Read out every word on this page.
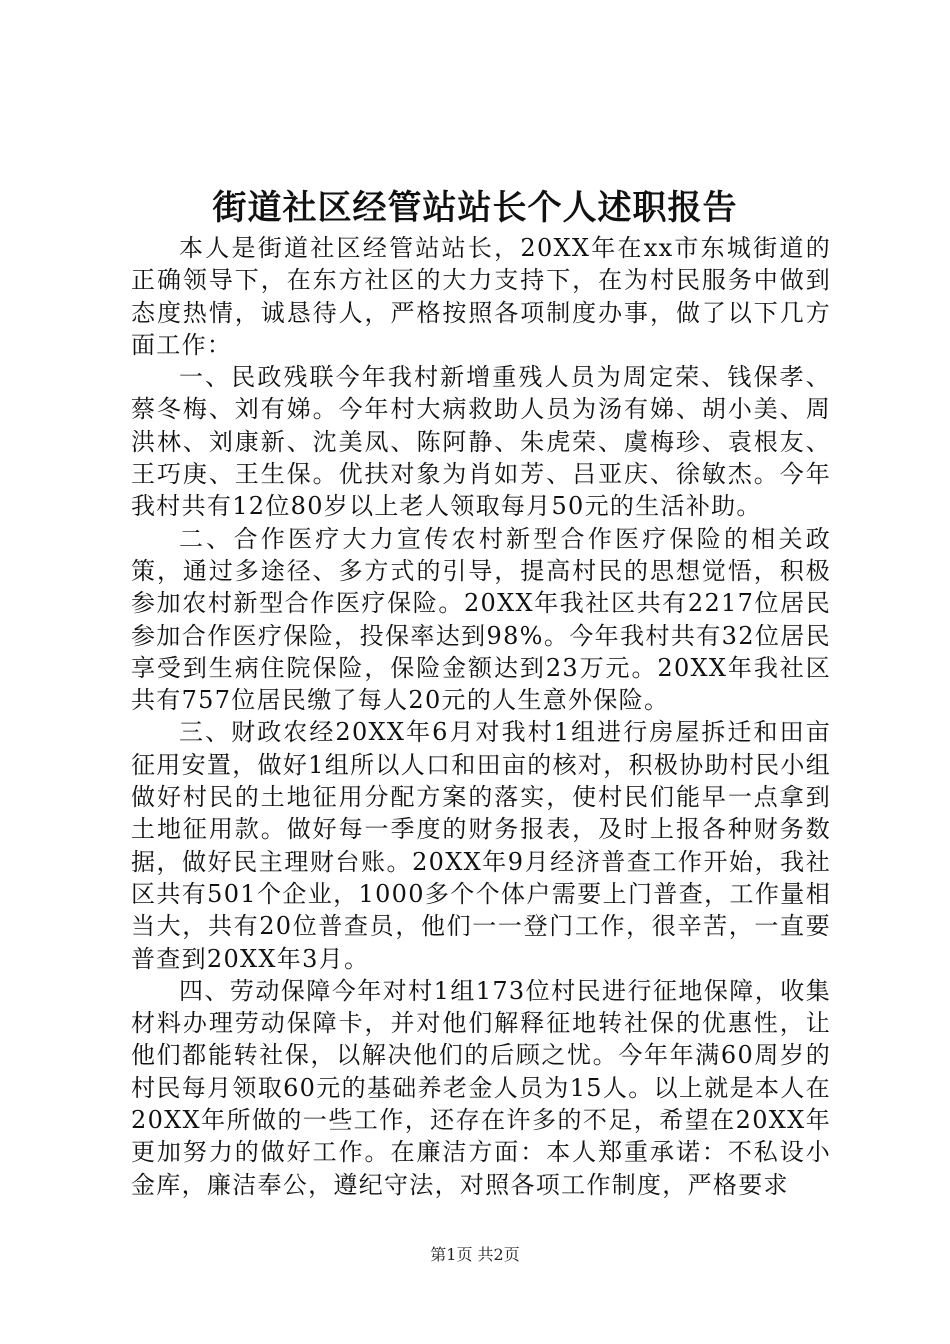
街道社区经管站站长个人述职报告

本人是街道社区经管站站长，20XX年在xx市东城街道的正确领导下，在东方社区的大力支持下，在为村民服务中做到态度热情，诚恳待人，严格按照各项制度办事，做了以下几方面工作：

一、民政残联今年我村新增重残人员为周定荣、钱保孝、蔡冬梅、刘有娣。今年村大病救助人员为汤有娣、胡小美、周洪林、刘康新、沈美凤、陈阿静、朱虎荣、虞梅珍、袁根友、王巧庚、王生保。优扶对象为肖如芳、吕亚庆、徐敏杰。今年我村共有12位80岁以上老人领取每月50元的生活补助。

二、合作医疗大力宣传农村新型合作医疗保险的相关政策，通过多途径、多方式的引导，提高村民的思想觉悟，积极参加农村新型合作医疗保险。20XX年我社区共有2217位居民参加合作医疗保险，投保率达到98%。今年我村共有32位居民享受到生病住院保险，保险金额达到23万元。20XX年我社区共有757位居民缴了每人20元的人生意外保险。

三、财政农经20XX年6月对我村1组进行房屋拆迁和田亩征用安置，做好1组所以人口和田亩的核对，积极协助村民小组做好村民的土地征用分配方案的落实，使村民们能早一点拿到土地征用款。做好每一季度的财务报表，及时上报各种财务数据，做好民主理财台账。20XX年9月经济普查工作开始，我社区共有501个企业，1000多个个体户需要上门普查，工作量相当大，共有20位普查员，他们一一登门工作，很辛苦，一直要普查到20XX年3月。

四、劳动保障今年对村1组173位村民进行征地保障，收集材料办理劳动保障卡，并对他们解释征地转社保的优惠性，让他们都能转社保，以解决他们的后顾之忧。今年年满60周岁的村民每月领取60元的基础养老金人员为15人。以上就是本人在20XX年所做的一些工作，还存在许多的不足，希望在20XX年更加努力的做好工作。在廉洁方面：本人郑重承诺：不私设小金库，廉洁奉公，遵纪守法，对照各项工作制度，严格要求

第1页 共2页
